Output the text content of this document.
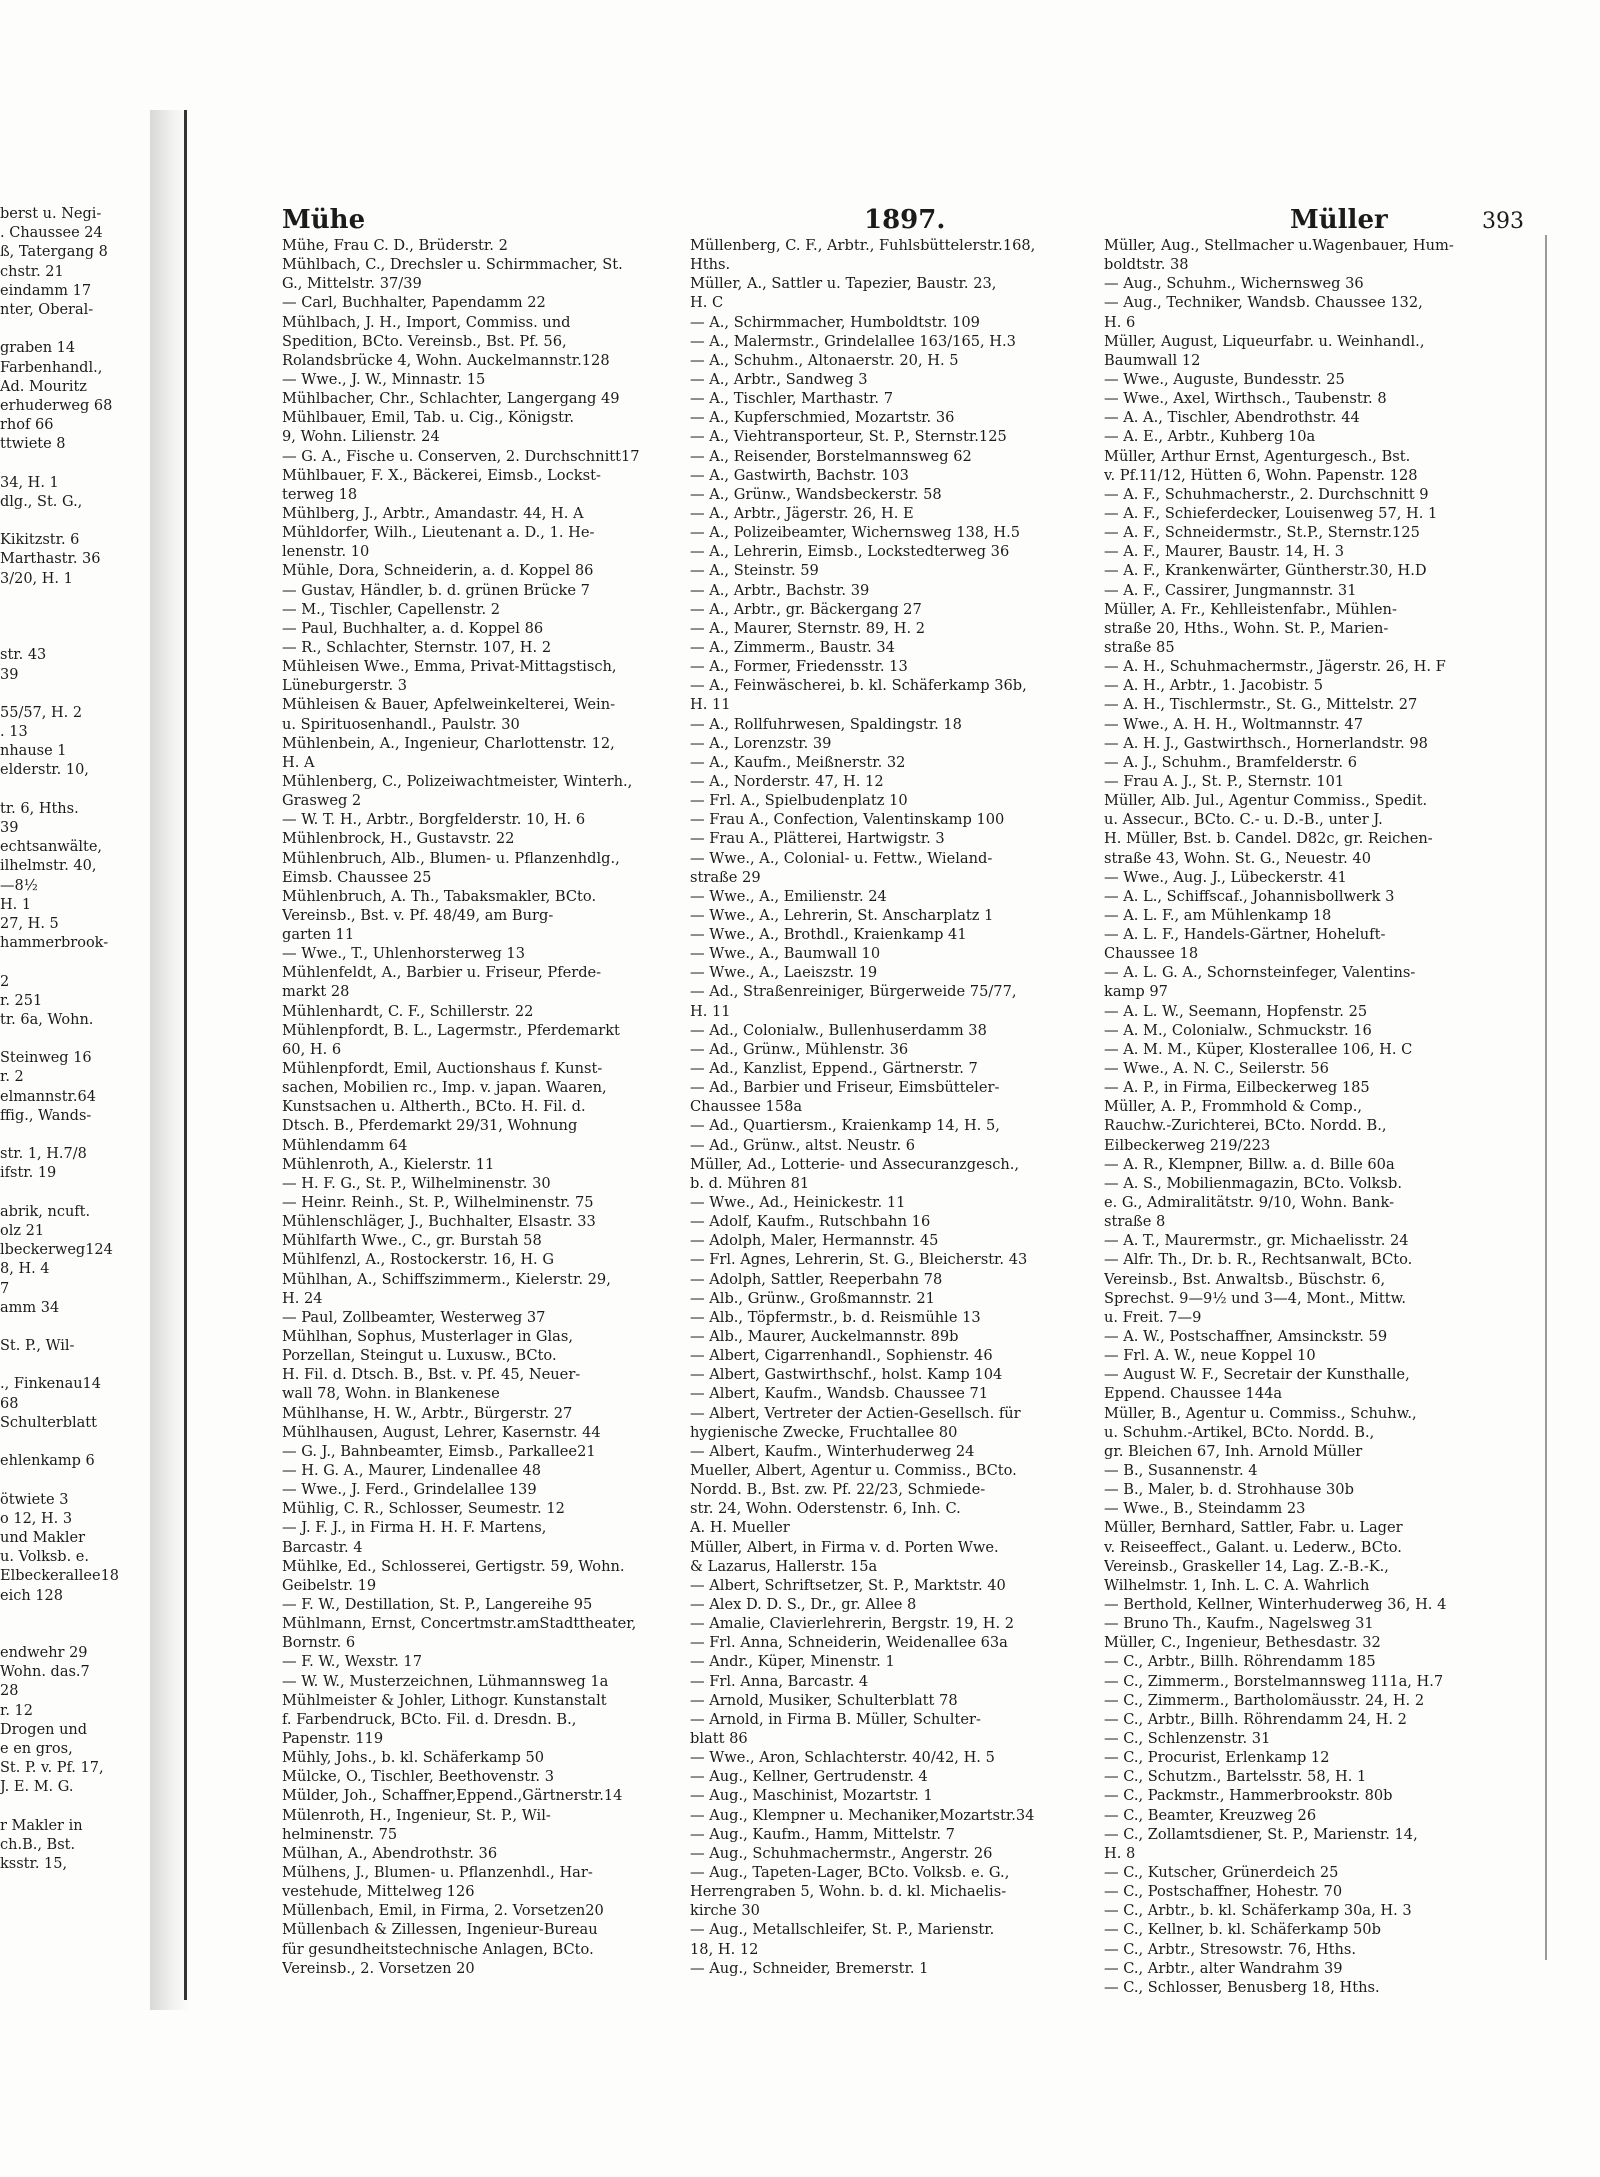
berst u. Negi-
. Chaussee 24
ß, Tatergang 8
chstr. 21
eindamm 17
nter, Oberal-
graben 14
Farbenhandl.,
Ad. Mouritz
erhuderweg 68
rhof 66
ttwiete 8
34, H. 1
dlg., St. G.,
Kikitzstr. 6
Marthastr. 36
3/20, H. 1
str. 43
39
55/57, H. 2
. 13
nhause 1
elderstr. 10,
tr. 6, Hths.
39
echtsanwälte,
ilhelmstr. 40,
—8½
H. 1
27, H. 5
hammerbrook-
2
r. 251
tr. 6a, Wohn.
Steinweg 16
r. 2
elmannstr.64
ffig., Wands-
str. 1, H.7/8
ifstr. 19
abrik, ncuft.
olz 21
lbeckerweg124
8, H. 4
7
amm 34
St. P., Wil-
., Finkenau14
68
Schulterblatt
ehlenkamp 6
ötwiete 3
o 12, H. 3
und Makler
u. Volksb. e.
Elbeckerallee18
eich 128
endwehr 29
Wohn. das.7
28
r. 12
Drogen und
e en gros,
St. P. v. Pf. 17,
J. E. M. G.
r Makler in
ch.B., Bst.
ksstr. 15,
Mühe	1897.	Müller	393
Mühe, Frau C. D., Brüderstr. 2
Mühlbach, C., Drechsler u. Schirmmacher, St.
G., Mittelstr. 37/39
— Carl, Buchhalter, Papendamm 22
Mühlbach, J. H., Import, Commiss. und
Spedition, BCto. Vereinsb., Bst. Pf. 56,
Rolandsbrücke 4, Wohn. Auckelmannstr.128
— Wwe., J. W., Minnastr. 15
Mühlbacher, Chr., Schlachter, Langergang 49
Mühlbauer, Emil, Tab. u. Cig., Königstr.
9, Wohn. Lilienstr. 24
— G. A., Fische u. Conserven, 2. Durchschnitt17
Mühlbauer, F. X., Bäckerei, Eimsb., Lockst-
terweg 18
Mühlberg, J., Arbtr., Amandastr. 44, H. A
Mühldorfer, Wilh., Lieutenant a. D., 1. He-
lenenstr. 10
Mühle, Dora, Schneiderin, a. d. Koppel 86
— Gustav, Händler, b. d. grünen Brücke 7
— M., Tischler, Capellenstr. 2
— Paul, Buchhalter, a. d. Koppel 86
— R., Schlachter, Sternstr. 107, H. 2
Mühleisen Wwe., Emma, Privat-Mittagstisch,
Lüneburgerstr. 3
Mühleisen & Bauer, Apfelweinkelterei, Wein-
u. Spirituosenhandl., Paulstr. 30
Mühlenbein, A., Ingenieur, Charlottenstr. 12,
H. A
Mühlenberg, C., Polizeiwachtmeister, Winterh.,
Grasweg 2
— W. T. H., Arbtr., Borgfelderstr. 10, H. 6
Mühlenbrock, H., Gustavstr. 22
Mühlenbruch, Alb., Blumen- u. Pflanzenhdlg.,
Eimsb. Chaussee 25
Mühlenbruch, A. Th., Tabaksmakler, BCto.
Vereinsb., Bst. v. Pf. 48/49, am Burg-
garten 11
— Wwe., T., Uhlenhorsterweg 13
Mühlenfeldt, A., Barbier u. Friseur, Pferde-
markt 28
Mühlenhardt, C. F., Schillerstr. 22
Mühlenpfordt, B. L., Lagermstr., Pferdemarkt
60, H. 6
Mühlenpfordt, Emil, Auctionshaus f. Kunst-
sachen, Mobilien rc., Imp. v. japan. Waaren,
Kunstsachen u. Altherth., BCto. H. Fil. d.
Dtsch. B., Pferdemarkt 29/31, Wohnung
Mühlendamm 64
Mühlenroth, A., Kielerstr. 11
— H. F. G., St. P., Wilhelminenstr. 30
— Heinr. Reinh., St. P., Wilhelminenstr. 75
Mühlenschläger, J., Buchhalter, Elsastr. 33
Mühlfarth Wwe., C., gr. Burstah 58
Mühlfenzl, A., Rostockerstr. 16, H. G
Mühlhan, A., Schiffszimmerm., Kielerstr. 29,
H. 24
— Paul, Zollbeamter, Westerweg 37
Mühlhan, Sophus, Musterlager in Glas,
Porzellan, Steingut u. Luxusw., BCto.
H. Fil. d. Dtsch. B., Bst. v. Pf. 45, Neuer-
wall 78, Wohn. in Blankenese
Mühlhanse, H. W., Arbtr., Bürgerstr. 27
Mühlhausen, August, Lehrer, Kasernstr. 44
— G. J., Bahnbeamter, Eimsb., Parkallee21
— H. G. A., Maurer, Lindenallee 48
— Wwe., J. Ferd., Grindelallee 139
Mühlig, C. R., Schlosser, Seumestr. 12
— J. F. J., in Firma H. H. F. Martens,
Barcastr. 4
Mühlke, Ed., Schlosserei, Gertigstr. 59, Wohn.
Geibelstr. 19
— F. W., Destillation, St. P., Langereihe 95
Mühlmann, Ernst, Concertmstr.amStadttheater,
Bornstr. 6
— F. W., Wexstr. 17
— W. W., Musterzeichnen, Lühmannsweg 1a
Mühlmeister & Johler, Lithogr. Kunstanstalt
f. Farbendruck, BCto. Fil. d. Dresdn. B.,
Papenstr. 119
Mühly, Johs., b. kl. Schäferkamp 50
Mülcke, O., Tischler, Beethovenstr. 3
Mülder, Joh., Schaffner,Eppend.,Gärtnerstr.14
Mülenroth, H., Ingenieur, St. P., Wil-
helminenstr. 75
Mülhan, A., Abendrothstr. 36
Mülhens, J., Blumen- u. Pflanzenhdl., Har-
vestehude, Mittelweg 126
Müllenbach, Emil, in Firma, 2. Vorsetzen20
Müllenbach & Zillessen, Ingenieur-Bureau
für gesundheitstechnische Anlagen, BCto.
Vereinsb., 2. Vorsetzen 20
Müllenberg, C. F., Arbtr., Fuhlsbüttelerstr.168,
Hths.
Müller, A., Sattler u. Tapezier, Baustr. 23,
H. C
— A., Schirmmacher, Humboldtstr. 109
— A., Malermstr., Grindelallee 163/165, H.3
— A., Schuhm., Altonaerstr. 20, H. 5
— A., Arbtr., Sandweg 3
— A., Tischler, Marthastr. 7
— A., Kupferschmied, Mozartstr. 36
— A., Viehtransporteur, St. P., Sternstr.125
— A., Reisender, Borstelmannsweg 62
— A., Gastwirth, Bachstr. 103
— A., Grünw., Wandsbeckerstr. 58
— A., Arbtr., Jägerstr. 26, H. E
— A., Polizeibeamter, Wichernsweg 138, H.5
— A., Lehrerin, Eimsb., Lockstedterweg 36
— A., Steinstr. 59
— A., Arbtr., Bachstr. 39
— A., Arbtr., gr. Bäckergang 27
— A., Maurer, Sternstr. 89, H. 2
— A., Zimmerm., Baustr. 34
— A., Former, Friedensstr. 13
— A., Feinwäscherei, b. kl. Schäferkamp 36b,
H. 11
— A., Rollfuhrwesen, Spaldingstr. 18
— A., Lorenzstr. 39
— A., Kaufm., Meißnerstr. 32
— A., Norderstr. 47, H. 12
— Frl. A., Spielbudenplatz 10
— Frau A., Confection, Valentinskamp 100
— Frau A., Plätterei, Hartwigstr. 3
— Wwe., A., Colonial- u. Fettw., Wieland-
straße 29
— Wwe., A., Emilienstr. 24
— Wwe., A., Lehrerin, St. Anscharplatz 1
— Wwe., A., Brothdl., Kraienkamp 41
— Wwe., A., Baumwall 10
— Wwe., A., Laeiszstr. 19
— Ad., Straßenreiniger, Bürgerweide 75/77,
H. 11
— Ad., Colonialw., Bullenhuserdamm 38
— Ad., Grünw., Mühlenstr. 36
— Ad., Kanzlist, Eppend., Gärtnerstr. 7
— Ad., Barbier und Friseur, Eimsbütteler-
Chaussee 158a
— Ad., Quartiersm., Kraienkamp 14, H. 5,
— Ad., Grünw., altst. Neustr. 6
Müller, Ad., Lotterie- und Assecuranzgesch.,
b. d. Mühren 81
— Wwe., Ad., Heinickestr. 11
— Adolf, Kaufm., Rutschbahn 16
— Adolph, Maler, Hermannstr. 45
— Frl. Agnes, Lehrerin, St. G., Bleicherstr. 43
— Adolph, Sattler, Reeperbahn 78
— Alb., Grünw., Großmannstr. 21
— Alb., Töpfermstr., b. d. Reismühle 13
— Alb., Maurer, Auckelmannstr. 89b
— Albert, Cigarrenhandl., Sophienstr. 46
— Albert, Gastwirthschf., holst. Kamp 104
— Albert, Kaufm., Wandsb. Chaussee 71
— Albert, Vertreter der Actien-Gesellsch. für
hygienische Zwecke, Fruchtallee 80
— Albert, Kaufm., Winterhuderweg 24
Mueller, Albert, Agentur u. Commiss., BCto.
Nordd. B., Bst. zw. Pf. 22/23, Schmiede-
str. 24, Wohn. Oderstenstr. 6, Inh. C.
A. H. Mueller
Müller, Albert, in Firma v. d. Porten Wwe.
& Lazarus, Hallerstr. 15a
— Albert, Schriftsetzer, St. P., Marktstr. 40
— Alex D. D. S., Dr., gr. Allee 8
— Amalie, Clavierlehrerin, Bergstr. 19, H. 2
— Frl. Anna, Schneiderin, Weidenallee 63a
— Andr., Küper, Minenstr. 1
— Frl. Anna, Barcastr. 4
— Arnold, Musiker, Schulterblatt 78
— Arnold, in Firma B. Müller, Schulter-
blatt 86
— Wwe., Aron, Schlachterstr. 40/42, H. 5
— Aug., Kellner, Gertrudenstr. 4
— Aug., Maschinist, Mozartstr. 1
— Aug., Klempner u. Mechaniker,Mozartstr.34
— Aug., Kaufm., Hamm, Mittelstr. 7
— Aug., Schuhmachermstr., Angerstr. 26
— Aug., Tapeten-Lager, BCto. Volksb. e. G.,
Herrengraben 5, Wohn. b. d. kl. Michaelis-
kirche 30
— Aug., Metallschleifer, St. P., Marienstr.
18, H. 12
— Aug., Schneider, Bremerstr. 1
Müller, Aug., Stellmacher u.Wagenbauer, Hum-
boldtstr. 38
— Aug., Schuhm., Wichernsweg 36
— Aug., Techniker, Wandsb. Chaussee 132,
H. 6
Müller, August, Liqueurfabr. u. Weinhandl.,
Baumwall 12
— Wwe., Auguste, Bundesstr. 25
— Wwe., Axel, Wirthsch., Taubenstr. 8
— A. A., Tischler, Abendrothstr. 44
— A. E., Arbtr., Kuhberg 10a
Müller, Arthur Ernst, Agenturgesch., Bst.
v. Pf.11/12, Hütten 6, Wohn. Papenstr. 128
— A. F., Schuhmacherstr., 2. Durchschnitt 9
— A. F., Schieferdecker, Louisenweg 57, H. 1
— A. F., Schneidermstr., St.P., Sternstr.125
— A. F., Maurer, Baustr. 14, H. 3
— A. F., Krankenwärter, Güntherstr.30, H.D
— A. F., Cassirer, Jungmannstr. 31
Müller, A. Fr., Kehlleistenfabr., Mühlen-
straße 20, Hths., Wohn. St. P., Marien-
straße 85
— A. H., Schuhmachermstr., Jägerstr. 26, H. F
— A. H., Arbtr., 1. Jacobistr. 5
— A. H., Tischlermstr., St. G., Mittelstr. 27
— Wwe., A. H. H., Woltmannstr. 47
— A. H. J., Gastwirthsch., Hornerlandstr. 98
— A. J., Schuhm., Bramfelderstr. 6
— Frau A. J., St. P., Sternstr. 101
Müller, Alb. Jul., Agentur Commiss., Spedit.
u. Assecur., BCto. C.- u. D.-B., unter J.
H. Müller, Bst. b. Candel. D82c, gr. Reichen-
straße 43, Wohn. St. G., Neuestr. 40
— Wwe., Aug. J., Lübeckerstr. 41
— A. L., Schiffscaf., Johannisbollwerk 3
— A. L. F., am Mühlenkamp 18
— A. L. F., Handels-Gärtner, Hoheluft-
Chaussee 18
— A. L. G. A., Schornsteinfeger, Valentins-
kamp 97
— A. L. W., Seemann, Hopfenstr. 25
— A. M., Colonialw., Schmuckstr. 16
— A. M. M., Küper, Klosterallee 106, H. C
— Wwe., A. N. C., Seilerstr. 56
— A. P., in Firma, Eilbeckerweg 185
Müller, A. P., Frommhold & Comp.,
Rauchw.-Zurichterei, BCto. Nordd. B.,
Eilbeckerweg 219/223
— A. R., Klempner, Billw. a. d. Bille 60a
— A. S., Mobilienmagazin, BCto. Volksb.
e. G., Admiralitätstr. 9/10, Wohn. Bank-
straße 8
— A. T., Maurermstr., gr. Michaelisstr. 24
— Alfr. Th., Dr. b. R., Rechtsanwalt, BCto.
Vereinsb., Bst. Anwaltsb., Büschstr. 6,
Sprechst. 9—9½ und 3—4, Mont., Mittw.
u. Freit. 7—9
— A. W., Postschaffner, Amsinckstr. 59
— Frl. A. W., neue Koppel 10
— August W. F., Secretair der Kunsthalle,
Eppend. Chaussee 144a
Müller, B., Agentur u. Commiss., Schuhw.,
u. Schuhm.-Artikel, BCto. Nordd. B.,
gr. Bleichen 67, Inh. Arnold Müller
— B., Susannenstr. 4
— B., Maler, b. d. Strohhause 30b
— Wwe., B., Steindamm 23
Müller, Bernhard, Sattler, Fabr. u. Lager
v. Reiseeffect., Galant. u. Lederw., BCto.
Vereinsb., Graskeller 14, Lag. Z.-B.-K.,
Wilhelmstr. 1, Inh. L. C. A. Wahrlich
— Berthold, Kellner, Winterhuderweg 36, H. 4
— Bruno Th., Kaufm., Nagelsweg 31
Müller, C., Ingenieur, Bethesdastr. 32
— C., Arbtr., Billh. Röhrendamm 185
— C., Zimmerm., Borstelmannsweg 111a, H.7
— C., Zimmerm., Bartholomäusstr. 24, H. 2
— C., Arbtr., Billh. Röhrendamm 24, H. 2
— C., Schlenzenstr. 31
— C., Procurist, Erlenkamp 12
— C., Schutzm., Bartelsstr. 58, H. 1
— C., Packmstr., Hammerbrookstr. 80b
— C., Beamter, Kreuzweg 26
— C., Zollamtsdiener, St. P., Marienstr. 14,
H. 8
— C., Kutscher, Grünerdeich 25
— C., Postschaffner, Hohestr. 70
— C., Arbtr., b. kl. Schäferkamp 30a, H. 3
— C., Kellner, b. kl. Schäferkamp 50b
— C., Arbtr., Stresowstr. 76, Hths.
— C., Arbtr., alter Wandrahm 39
— C., Schlosser, Benusberg 18, Hths.
